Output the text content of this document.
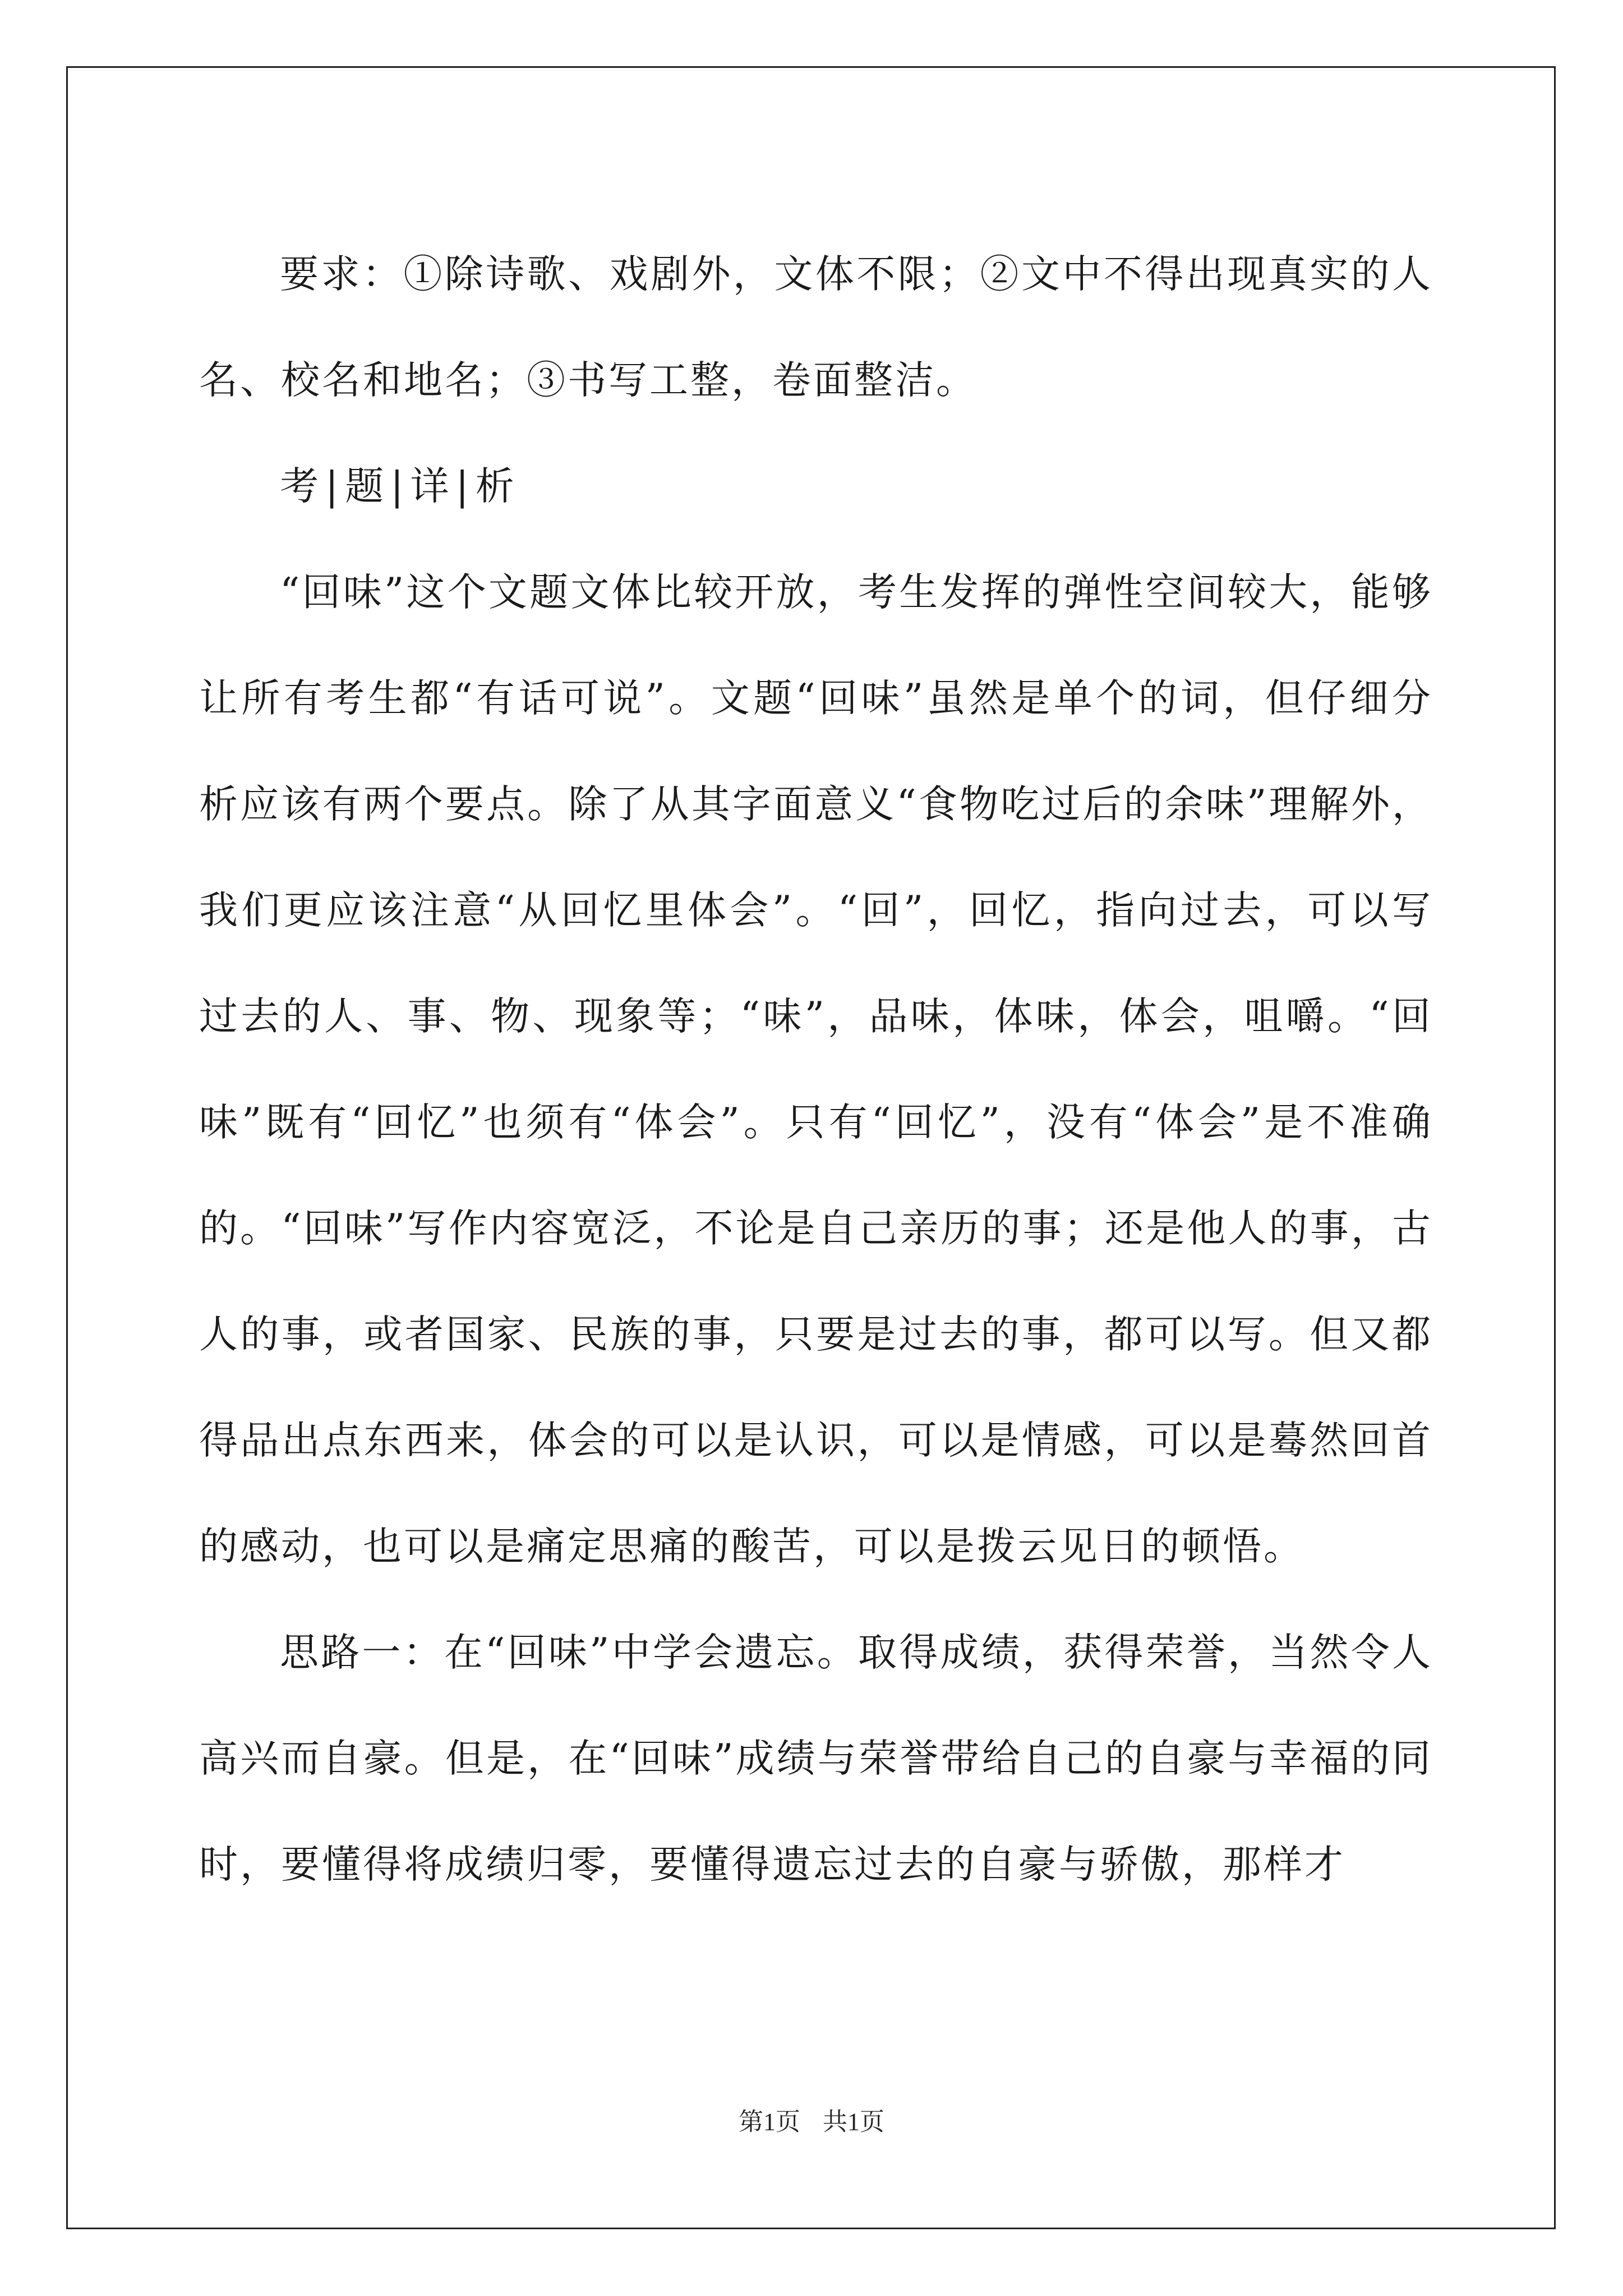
要求：①除诗歌、戏剧外，文体不限；②文中不得出现真实的人名、校名和地名；③书写工整，卷面整洁。

考|题|详|析

“回味”这个文题文体比较开放，考生发挥的弹性空间较大，能够让所有考生都“有话可说”。文题“回味”虽然是单个的词，但仔细分析应该有两个要点。除了从其字面意义“食物吃过后的余味”理解外，我们更应该注意“从回忆里体会”。“回”，回忆，指向过去，可以写过去的人、事、物、现象等；“味”，品味，体味，体会，咀嚼。“回味”既有“回忆”也须有“体会”。只有“回忆”，没有“体会”是不准确的。“回味”写作内容宽泛，不论是自己亲历的事；还是他人的事，古人的事，或者国家、民族的事，只要是过去的事，都可以写。但又都得品出点东西来，体会的可以是认识，可以是情感，可以是蓦然回首的感动，也可以是痛定思痛的酸苦，可以是拨云见日的顿悟。

思路一：在“回味”中学会遗忘。取得成绩，获得荣誉，当然令人高兴而自豪。但是，在“回味”成绩与荣誉带给自己的自豪与幸福的同时，要懂得将成绩归零，要懂得遗忘过去的自豪与骄傲，那样才

第1页 共1页
